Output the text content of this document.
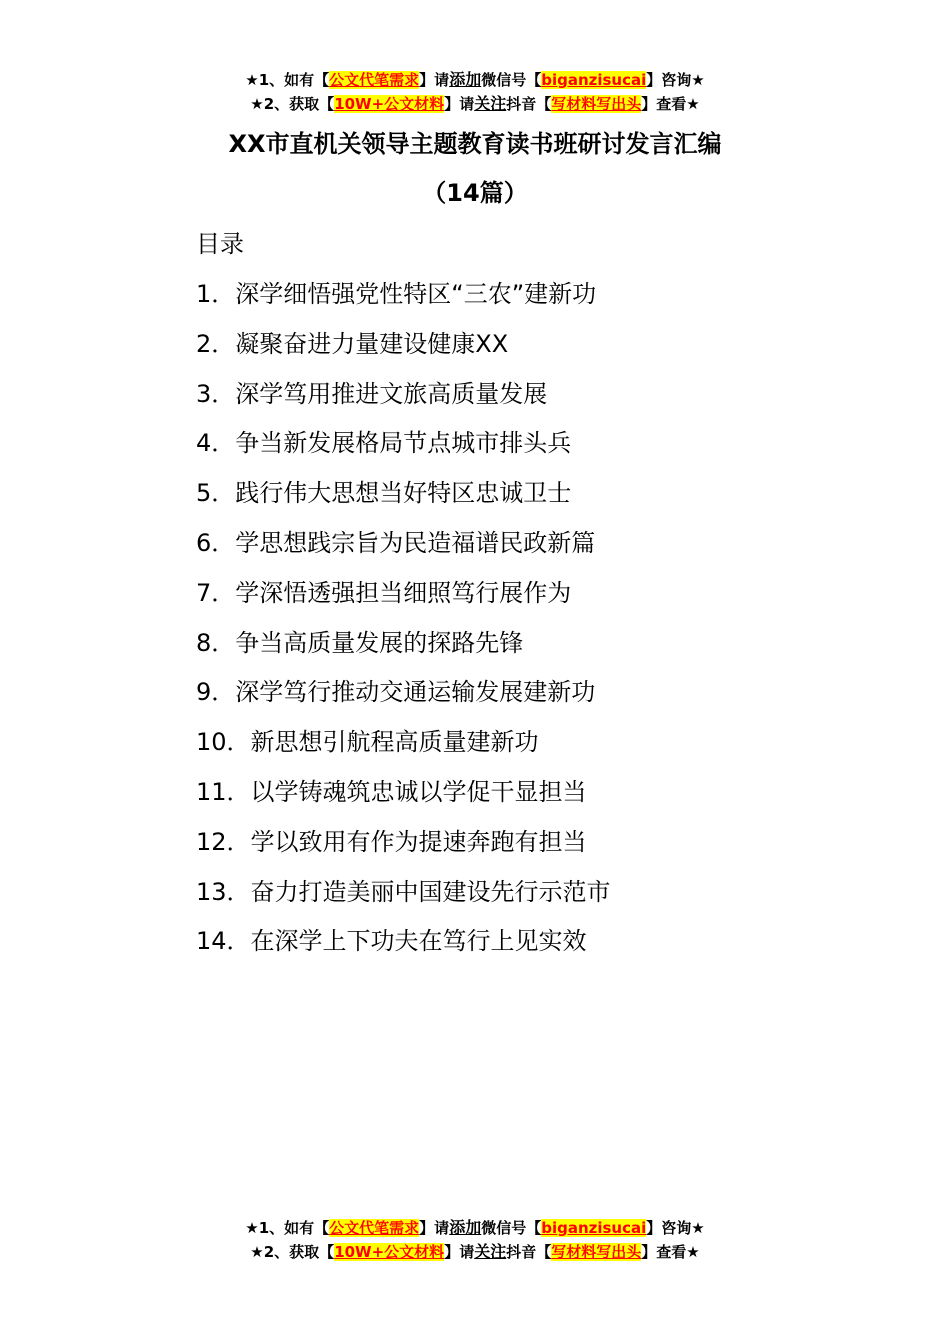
★1、如有【公文代笔需求】请添加微信号【biganzisucai】咨询★
★2、获取【10W+公文材料】请关注抖音【写材料写出头】查看★
XX市直机关领导主题教育读书班研讨发言汇编
（14篇）
目录
1．深学细悟强党性特区“三农”建新功
2．凝聚奋进力量建设健康XX
3．深学笃用推进文旅高质量发展
4．争当新发展格局节点城市排头兵
5．践行伟大思想当好特区忠诚卫士
6．学思想践宗旨为民造福谱民政新篇
7．学深悟透强担当细照笃行展作为
8．争当高质量发展的探路先锋
9．深学笃行推动交通运输发展建新功
10．新思想引航程高质量建新功
11．以学铸魂筑忠诚以学促干显担当
12．学以致用有作为提速奔跑有担当
13．奋力打造美丽中国建设先行示范市
14．在深学上下功夫在笃行上见实效
★1、如有【公文代笔需求】请添加微信号【biganzisucai】咨询★
★2、获取【10W+公文材料】请关注抖音【写材料写出头】查看★
